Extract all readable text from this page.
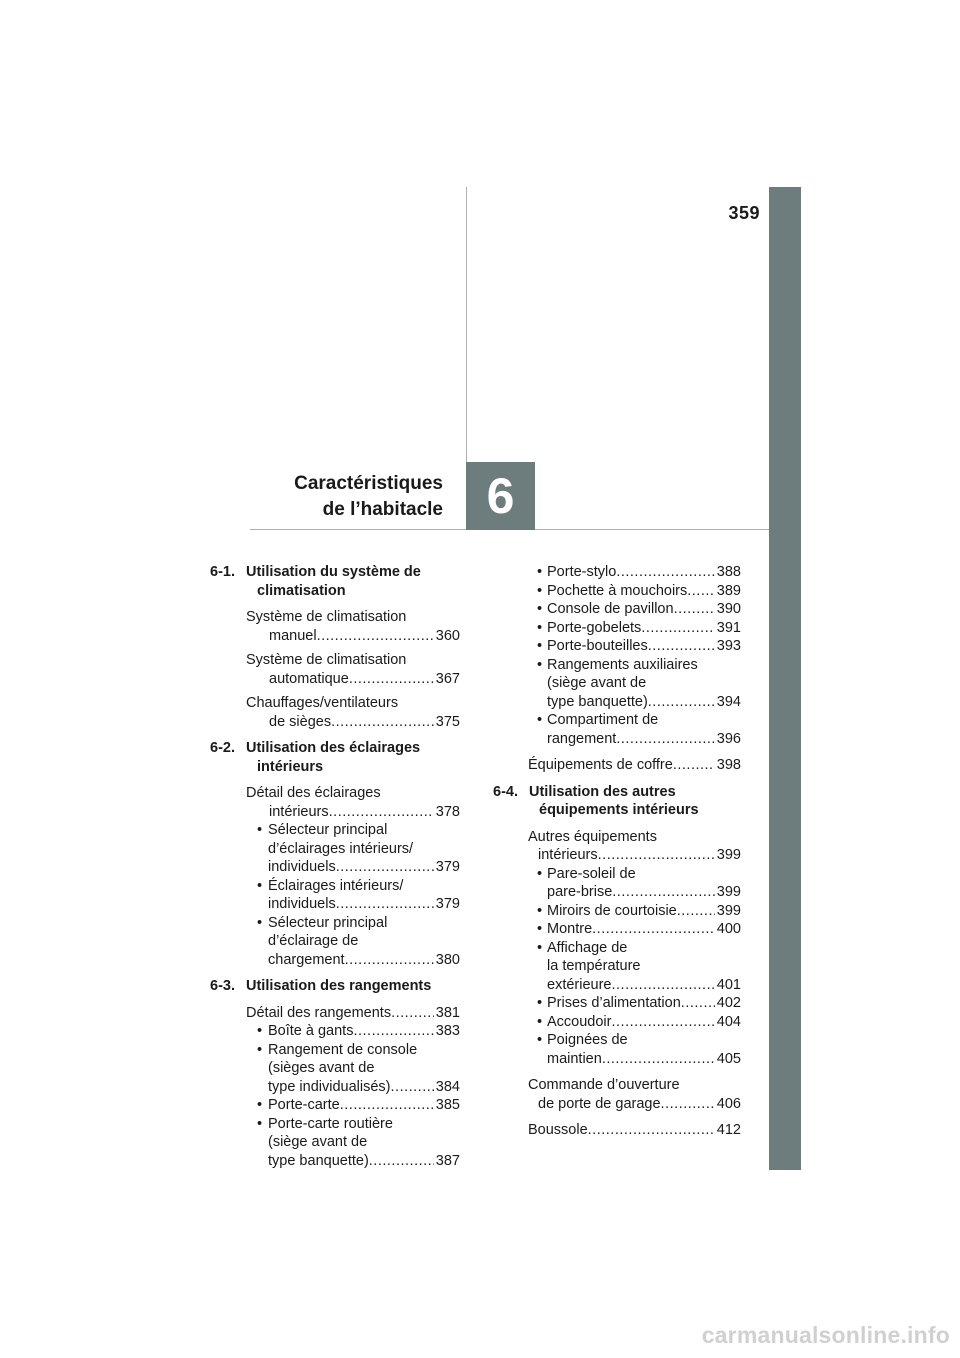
359
6
Caractéristiques
de l’habitacle
6-1. Utilisation du système de
climatisation
Système de climatisation
manuel .....	360
Système de climatisation
automatique .....	367
Chauffages/ventilateurs
de sièges .....	375
6-2. Utilisation des éclairages
intérieurs
Détail des éclairages
intérieurs .....	378
• Sélecteur principal
d’éclairages intérieurs/
individuels .....	379
• Éclairages intérieurs/
individuels .....	379
• Sélecteur principal
d’éclairage de
chargement .....	380
6-3. Utilisation des rangements
Détail des rangements .....	381
• Boîte à gants .....	383
• Rangement de console
(sièges avant de
type individualisés) .....	384
• Porte-carte .....	385
• Porte-carte routière
(siège avant de
type banquette) .....	387
• Porte-stylo .....	388
• Pochette à mouchoirs ..... 389
• Console de pavillon .....	390
• Porte-gobelets .....	391
• Porte-bouteilles .....	393
• Rangements auxiliaires
(siège avant de
type banquette) .....	394
• Compartiment de
rangement .....	396
Équipements de coffre .....	398
6-4. Utilisation des autres
équipements intérieurs
Autres équipements
intérieurs .....	399
• Pare-soleil de
pare-brise .....	399
• Miroirs de courtoisie .....	399
• Montre .....	400
• Affichage de
la température
extérieure .....	401
• Prises d’alimentation ..... 402
• Accoudoir .....	404
• Poignées de
maintien .....	405
Commande d’ouverture
de porte de garage .....	406
Boussole .....	412
carmanualsonline.info
